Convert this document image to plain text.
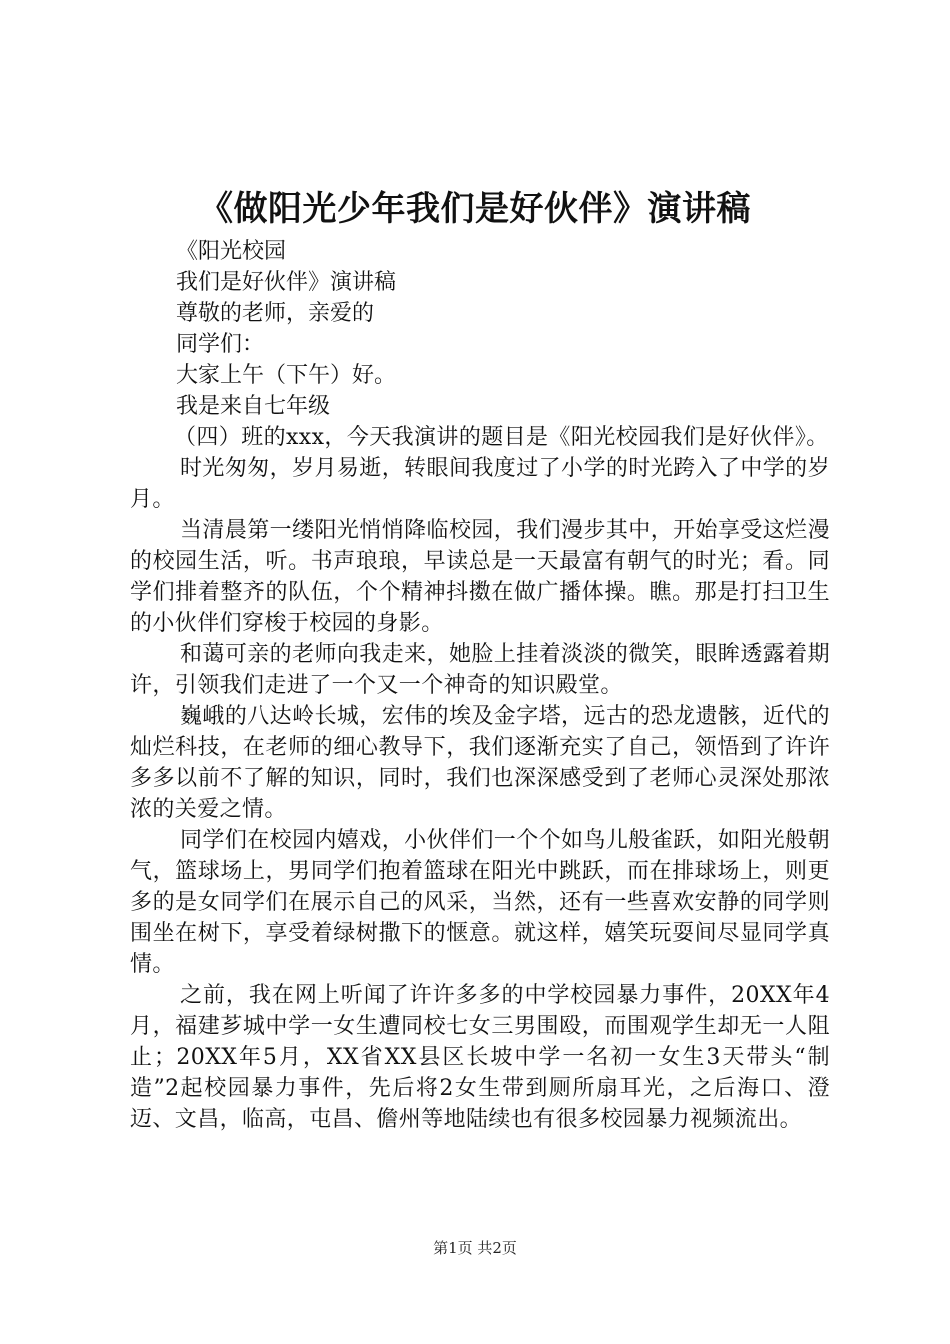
《做阳光少年我们是好伙伴》演讲稿

《阳光校园

我们是好伙伴》演讲稿

尊敬的老师，亲爱的

同学们：

大家上午（下午）好。

我是来自七年级

（四）班的xxx，今天我演讲的题目是《阳光校园我们是好伙伴》。

时光匆匆，岁月易逝，转眼间我度过了小学的时光跨入了中学的岁月。

当清晨第一缕阳光悄悄降临校园，我们漫步其中，开始享受这烂漫的校园生活，听。书声琅琅，早读总是一天最富有朝气的时光；看。同学们排着整齐的队伍，个个精神抖擞在做广播体操。瞧。那是打扫卫生的小伙伴们穿梭于校园的身影。

和蔼可亲的老师向我走来，她脸上挂着淡淡的微笑，眼眸透露着期许，引领我们走进了一个又一个神奇的知识殿堂。

巍峨的八达岭长城，宏伟的埃及金字塔，远古的恐龙遗骸，近代的灿烂科技，在老师的细心教导下，我们逐渐充实了自己，领悟到了许许多多以前不了解的知识，同时，我们也深深感受到了老师心灵深处那浓浓的关爱之情。

同学们在校园内嬉戏，小伙伴们一个个如鸟儿般雀跃，如阳光般朝气，篮球场上，男同学们抱着篮球在阳光中跳跃，而在排球场上，则更多的是女同学们在展示自己的风采，当然，还有一些喜欢安静的同学则围坐在树下，享受着绿树撒下的惬意。就这样，嬉笑玩耍间尽显同学真情。

之前，我在网上听闻了许许多多的中学校园暴力事件，20XX年4月，福建芗城中学一女生遭同校七女三男围殴，而围观学生却无一人阻止；20XX年5月，XX省XX县区长坡中学一名初一女生3天带头“制造”2起校园暴力事件，先后将2女生带到厕所扇耳光，之后海口、澄迈、文昌，临高，屯昌、儋州等地陆续也有很多校园暴力视频流出。

第1页 共2页
